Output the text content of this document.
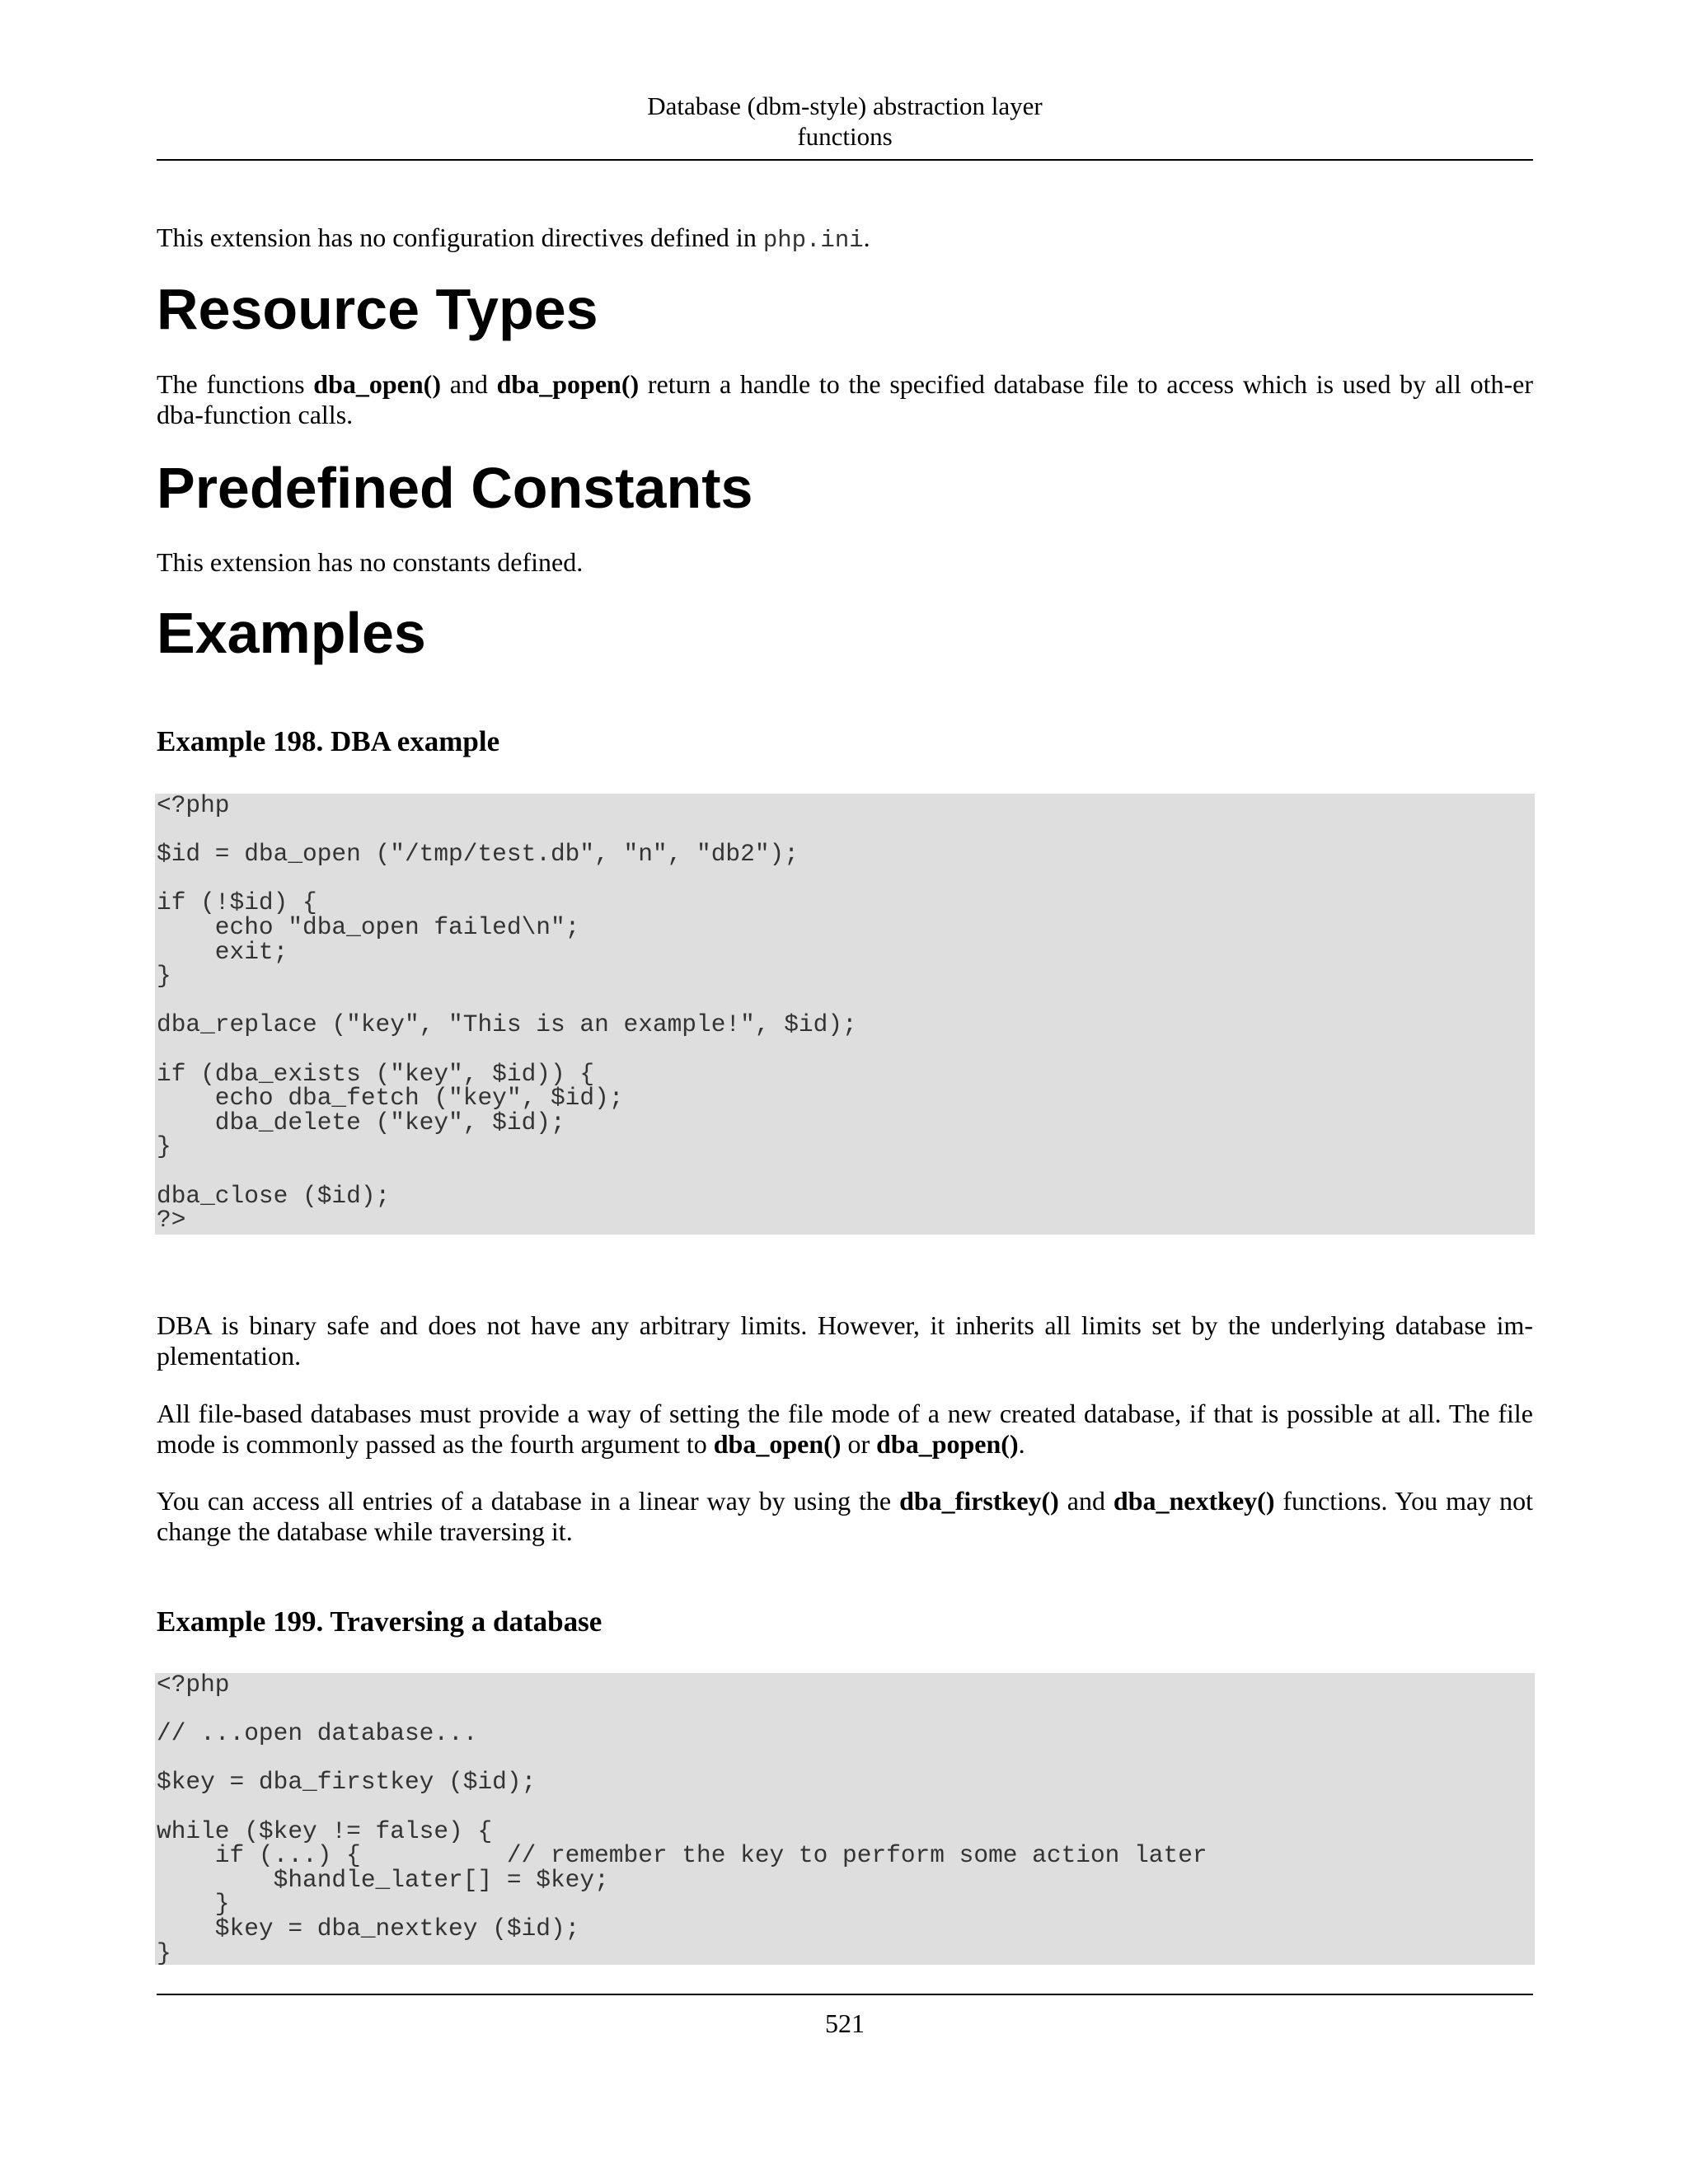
Database (dbm-style) abstraction layer
functions

This extension has no configuration directives defined in php.ini.

Resource Types

The functions dba_open() and dba_popen() return a handle to the specified database file to access which is used by all oth-er dba-function calls.

Predefined Constants

This extension has no constants defined.

Examples

Example 198. DBA example

<?php

$id = dba_open ("/tmp/test.db", "n", "db2");

if (!$id) {
echo "dba_open failed\n";
exit;
}

dba_replace ("key", "This is an example!", $id);

if (dba_exists ("key", $id)) {
echo dba_fetch ("key", $id);
dba_delete ("key", $id);
}

dba_close ($id);
?>

DBA is binary safe and does not have any arbitrary limits. However, it inherits all limits set by the underlying database im-plementation.

All file-based databases must provide a way of setting the file mode of a new created database, if that is possible at all. The file mode is commonly passed as the fourth argument to dba_open() or dba_popen().

You can access all entries of a database in a linear way by using the dba_firstkey() and dba_nextkey() functions. You may not change the database while traversing it.

Example 199. Traversing a database

<?php

// ...open database...

$key = dba_firstkey ($id);

while ($key != false) {
if (...) {          // remember the key to perform some action later
$handle_later[] = $key;
}
$key = dba_nextkey ($id);
}
521
